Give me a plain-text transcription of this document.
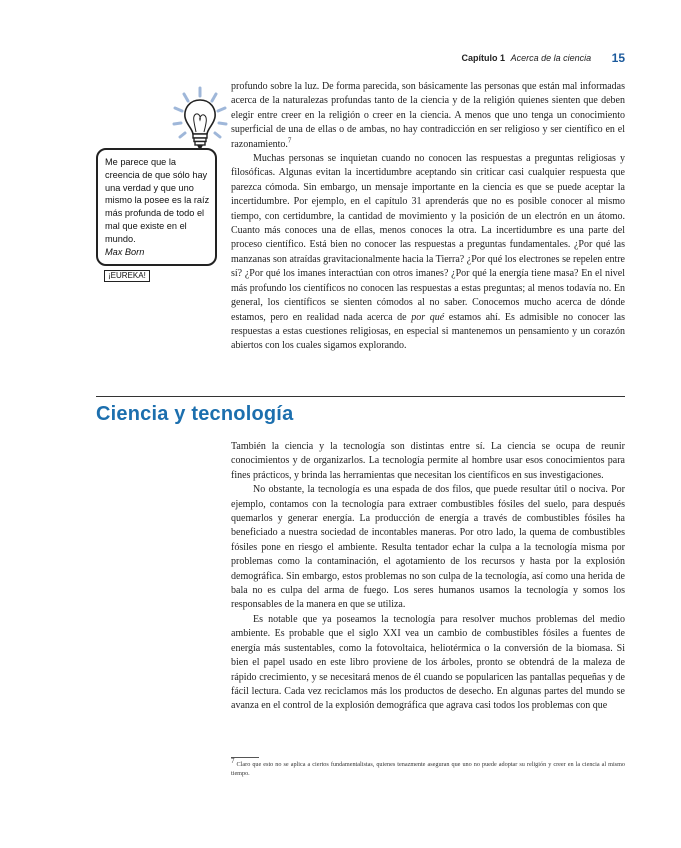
Capítulo 1 Acerca de la ciencia 15

Me parece que la creencia de que sólo hay una verdad y que uno mismo la posee es la raíz más profunda de todo el mal que existe en el mundo.

Max Born

¡EUREKA!

profundo sobre la luz. De forma parecida, son básicamente las personas que están mal informadas acerca de la naturalezas profundas tanto de la ciencia y de la religión quienes sienten que deben elegir entre creer en la religión o creer en la ciencia. A menos que uno tenga un conocimiento superficial de una de ellas o de ambas, no hay contradicción en ser religioso y ser científico en el razonamiento.$^7$

Muchas personas se inquietan cuando no conocen las respuestas a preguntas religiosas y filosóficas. Algunas evitan la incertidumbre aceptando sin criticar casi cualquier respuesta que parezca cómoda. Sin embargo, un mensaje importante en la ciencia es que se puede aceptar la incertidumbre. Por ejemplo, en el capítulo 31 aprenderás que no es posible conocer al mismo tiempo, con certidumbre, la cantidad de movimiento y la posición de un electrón en un átomo. Cuanto más conoces una de ellas, menos conoces la otra. La incertidumbre es una parte del proceso científico. Está bien no conocer las respuestas a preguntas fundamentales. ¿Por qué las manzanas son atraídas gravitacionalmente hacia la Tierra? ¿Por qué los electrones se repelen entre sí? ¿Por qué los imanes interactúan con otros imanes? ¿Por qué la energía tiene masa? En el nivel más profundo los científicos no conocen las respuestas a estas preguntas; al menos todavía no. En general, los científicos se sienten cómodos al no saber. Conocemos mucho acerca de dónde estamos, pero en realidad nada acerca de por qué estamos ahí. Es admisible no conocer las respuestas a estas cuestiones religiosas, en especial si mantenemos un pensamiento y un corazón abiertos con los cuales sigamos explorando.

Ciencia y tecnología

También la ciencia y la tecnología son distintas entre sí. La ciencia se ocupa de reunir conocimientos y de organizarlos. La tecnología permite al hombre usar esos conocimientos para fines prácticos, y brinda las herramientas que necesitan los científicos en sus investigaciones.

No obstante, la tecnología es una espada de dos filos, que puede resultar útil o nociva. Por ejemplo, contamos con la tecnología para extraer combustibles fósiles del suelo, para después quemarlos y generar energía. La producción de energía a través de combustibles fósiles ha beneficiado a nuestra sociedad de incontables maneras. Por otro lado, la quema de combustibles fósiles pone en riesgo el ambiente. Resulta tentador echar la culpa a la tecnología misma por problemas como la contaminación, el agotamiento de los recursos y hasta por la explosión demográfica. Sin embargo, estos problemas no son culpa de la tecnología, así como una herida de bala no es culpa del arma de fuego. Los seres humanos usamos la tecnología y somos los responsables de la manera en que se utiliza.

Es notable que ya poseamos la tecnología para resolver muchos problemas del medio ambiente. Es probable que el siglo XXI vea un cambio de combustibles fósiles a fuentes de energía más sustentables, como la fotovoltaica, heliotérmica o la conversión de la biomasa. Si bien el papel usado en este libro proviene de los árboles, pronto se obtendrá de la maleza de rápido crecimiento, y se necesitará menos de él cuando se popularicen las pantallas pequeñas y de fácil lectura. Cada vez reciclamos más los productos de desecho. En algunas partes del mundo se avanza en el control de la explosión demográfica que agrava casi todos los problemas con que

7 Claro que esto no se aplica a ciertos fundamentalistas, quienes tenazmente aseguran que uno no puede adoptar su religión y creer en la ciencia al mismo tiempo.
